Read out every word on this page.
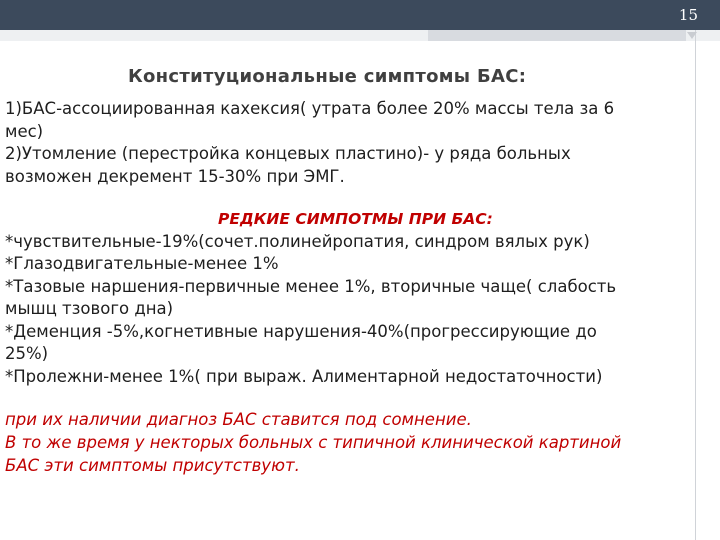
15
Конституциональные симптомы БАС:
1)БАС-ассоциированная кахексия( утрата более 20% массы тела за 6
мес)
2)Утомление (перестройка концевых пластино)- у ряда больных
возможен декремент 15-30% при ЭМГ.
РЕДКИЕ СИМПОТМЫ ПРИ БАС:
*чувствительные-19%(сочет.полинейропатия, синдром вялых рук)
*Глазодвигательные-менее 1%
*Тазовые наршения-первичные менее 1%, вторичные чаще( слабость
мышц тзового дна)
*Деменция -5%,когнетивные нарушения-40%(прогрессирующие до
25%)
*Пролежни-менее 1%( при выраж. Алиментарной недостаточности)
при их наличии диагноз БАС ставится под сомнение.
В то же время у некторых больных с типичной клинической картиной
БАС эти симптомы присутствуют.
